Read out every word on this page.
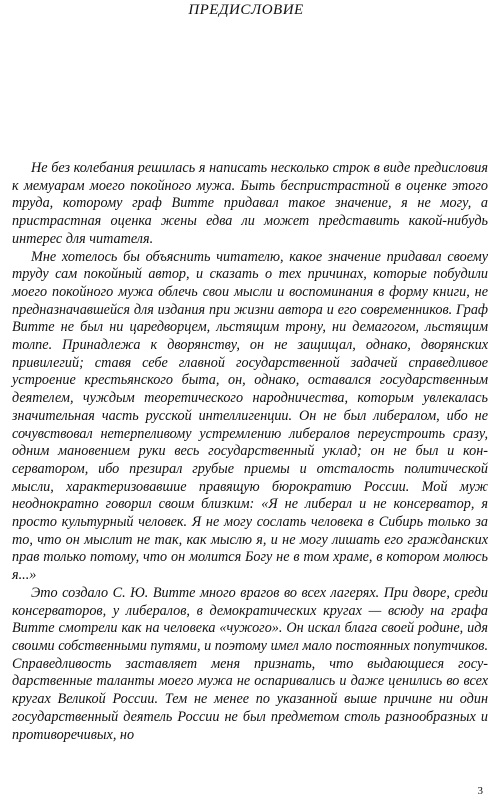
ПРЕДИСЛОВИЕ

Не без колебания решилась я написать несколько строк в виде предисловия к мемуарам моего покойного мужа. Быть беспристрастной в оценке этого труда, которому граф Витте придавал такое значение, я не могу, а пристрастная оценка жены едва ли может представить какой-нибудь интерес для читателя.

Мне хотелось бы объяснить читателю, какое значение придавал своему труду сам покойный автор, и сказать о тех причинах, которые побудили моего покойного мужа облечь свои мысли и воспоминания в форму книги, не предназначавшейся для издания при жизни автора и его современников. Граф Витте не был ни царедворцем, льстящим трону, ни демагогом, льстящим толпе. Принадлежа к дворянству, он не защищал, однако, дворянских привилегий; ставя себе главной государственной задачей справедливое устроение крестьянского быта, он, однако, оставался государственным деятелем, чуждым теоретического народничества, которым увлекалась значительная часть русской интеллигенции. Он не был либералом, ибо не сочувствовал нетерпеливому устремлению либералов переустроить сразу, одним мановением руки весь государственный уклад; он не был и консерватором, ибо презирал грубые приемы и отсталость политической мысли, характеризовавшие правящую бюрократию России. Мой муж неоднократно говорил своим близким: «Я не либерал и не консерватор, я просто культурный человек. Я не могу сослать человека в Сибирь только за то, что он мыслит не так, как мыслю я, и не могу лишать его гражданских прав только потому, что он молится Богу не в том храме, в котором молюсь я...»

Это создало С. Ю. Витте много врагов во всех лагерях. При дворе, среди консерваторов, у либералов, в демократических кругах — всюду на графа Витте смотрели как на человека «чужого». Он искал блага своей родине, идя своими собственными путями, и поэтому имел мало постоянных попутчиков. Справедливость заставляет меня признать, что выдающиеся государственные таланты моего мужа не оспаривались и даже ценились во всех кругах Великой России. Тем не менее по указанной выше причине ни один государственный деятель России не был предметом столь разнообразных и противоречивых, но

3
